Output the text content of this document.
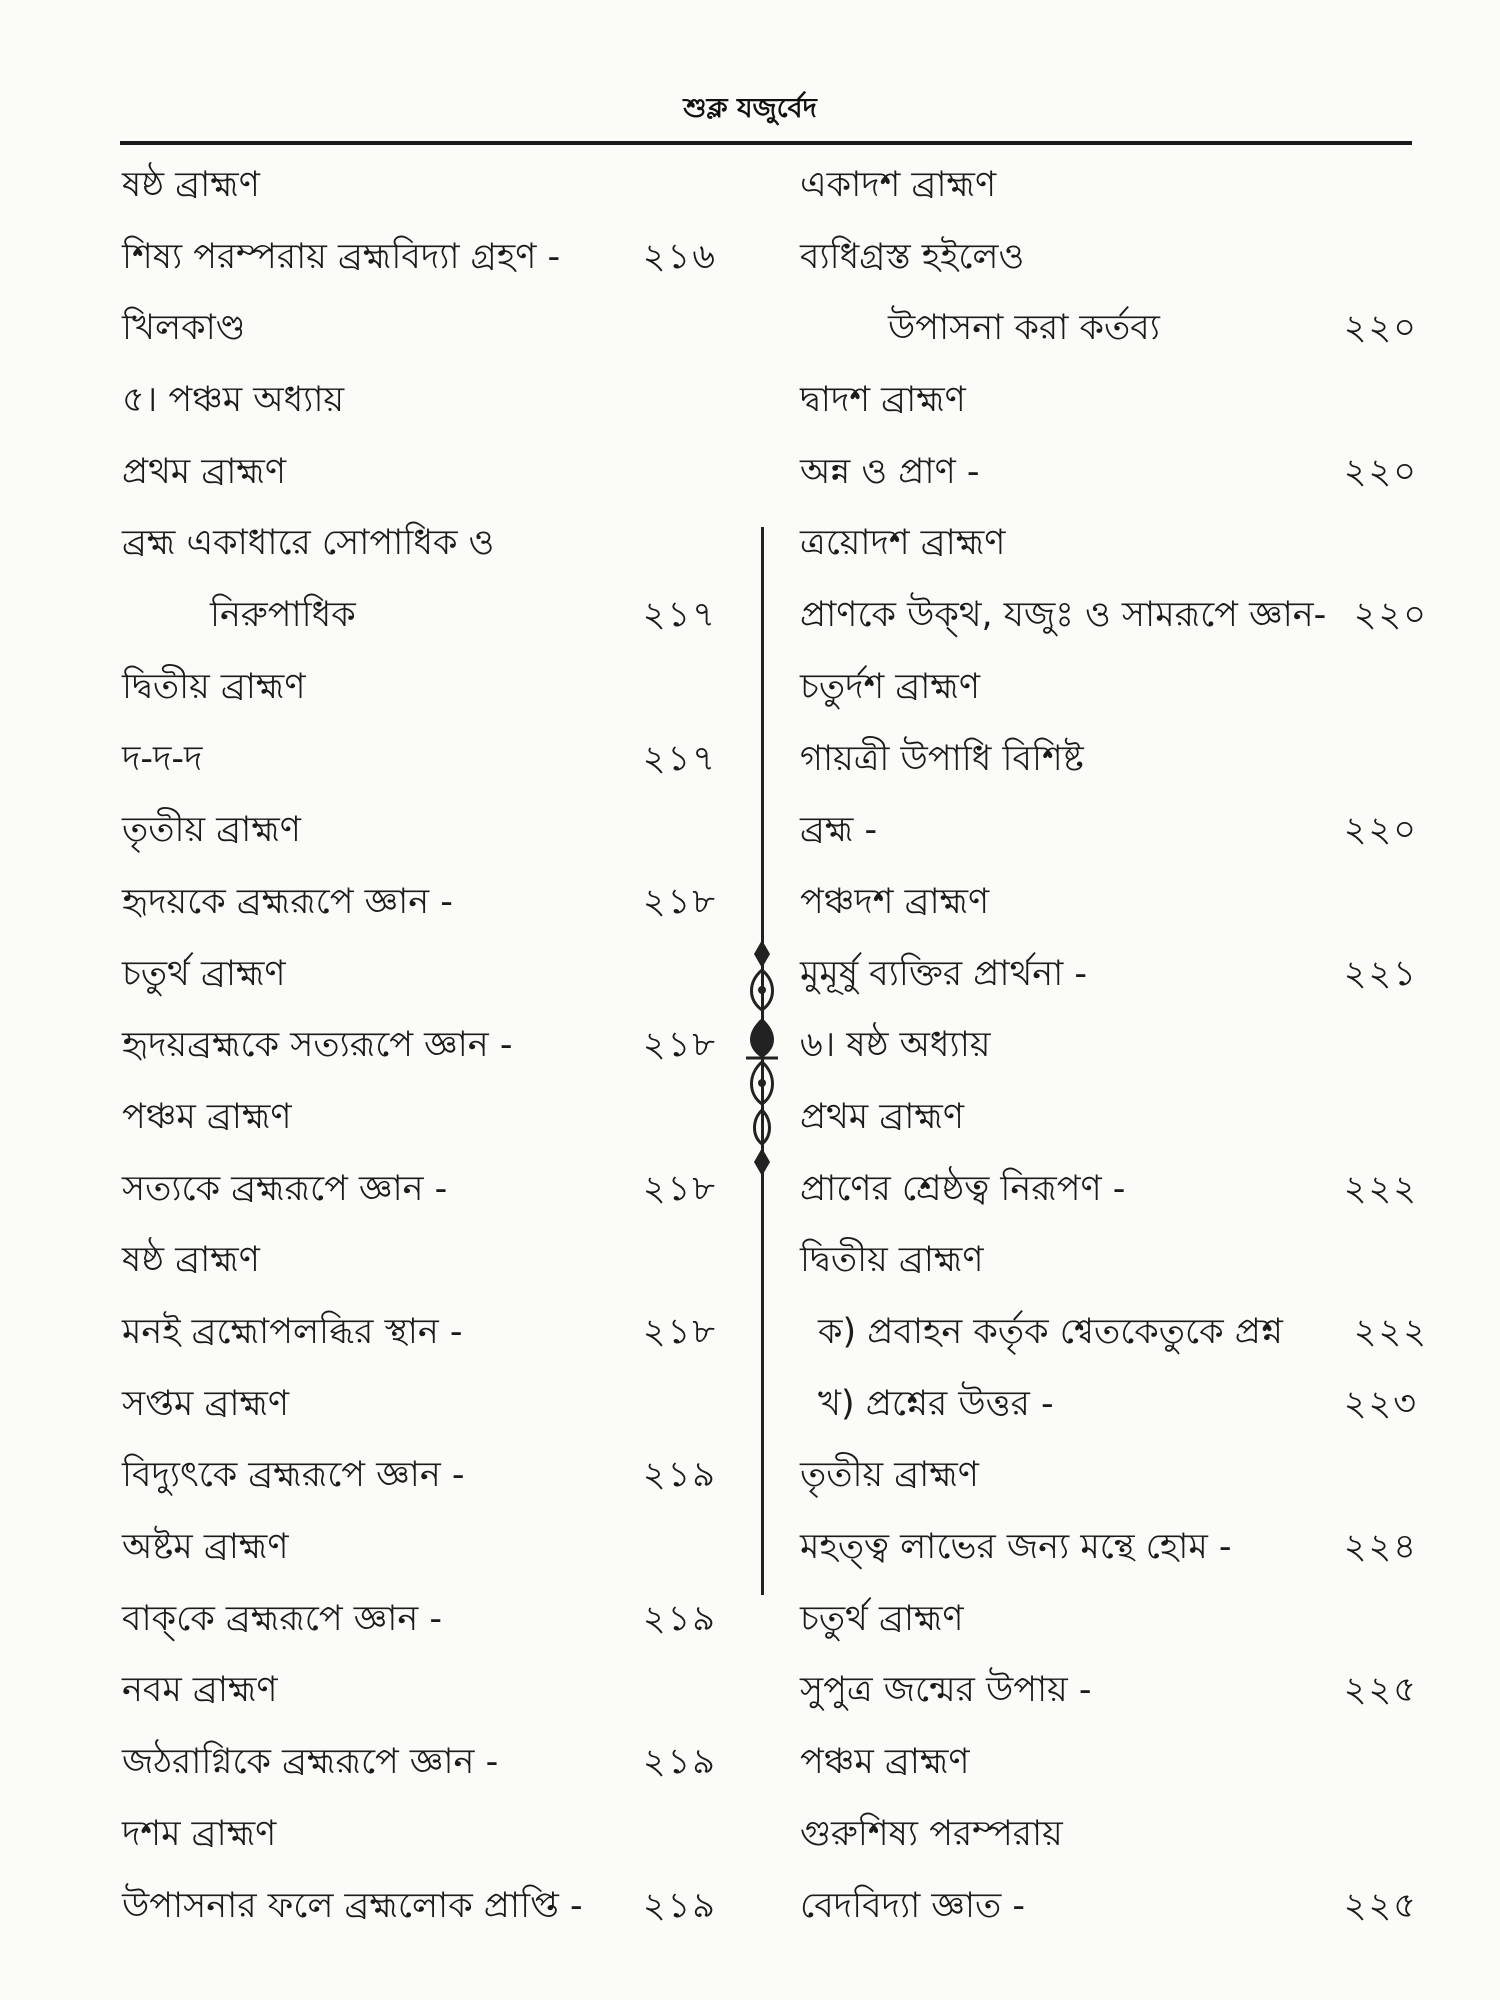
শুক্ল যজুর্বেদ
ষষ্ঠ ব্রাহ্মণ
শিষ্য পরম্পরায় ব্রহ্মবিদ্যা গ্রহণ - ২১৬
খিলকাণ্ড
৫। পঞ্চম অধ্যায়
প্রথম ব্রাহ্মণ
ব্রহ্ম একাধারে সোপাধিক ও
নিরুপাধিক	২১৭
দ্বিতীয় ব্রাহ্মণ
দ-দ-দ	২১৭
তৃতীয় ব্রাহ্মণ
হৃদয়কে ব্রহ্মরূপে জ্ঞান -	২১৮
চতুর্থ ব্রাহ্মণ
হৃদয়ব্রহ্মকে সত্যরূপে জ্ঞান -	২১৮
পঞ্চম ব্রাহ্মণ
সত্যকে ব্রহ্মরূপে জ্ঞান -	২১৮
ষষ্ঠ ব্রাহ্মণ
মনই ব্রহ্মোপলব্ধির স্থান -	২১৮
সপ্তম ব্রাহ্মণ
বিদ্যুৎকে ব্রহ্মরূপে জ্ঞান -	২১৯
অষ্টম ব্রাহ্মণ
বাক্‌কে ব্রহ্মরূপে জ্ঞান -	২১৯
নবম ব্রাহ্মণ
জঠরাগ্নিকে ব্রহ্মরূপে জ্ঞান -	২১৯
দশম ব্রাহ্মণ
উপাসনার ফলে ব্রহ্মলোক প্রাপ্তি - ২১৯
একাদশ ব্রাহ্মণ
ব্যধিগ্রস্ত হইলেও
উপাসনা করা কর্তব্য	২২০
দ্বাদশ ব্রাহ্মণ
অন্ন ও প্রাণ -	২২০
ত্রয়োদশ ব্রাহ্মণ
প্রাণকে উক্‌থ, যজুঃ ও সামরূপে জ্ঞান- ২২০
চতুর্দশ ব্রাহ্মণ
গায়ত্রী উপাধি বিশিষ্ট
ব্রহ্ম -	২২০
পঞ্চদশ ব্রাহ্মণ
মুমূর্ষু ব্যক্তির প্রার্থনা -	২২১
৬। ষষ্ঠ অধ্যায়
প্রথম ব্রাহ্মণ
প্রাণের শ্রেষ্ঠত্ব নিরূপণ -	২২২
দ্বিতীয় ব্রাহ্মণ
ক) প্রবাহন কর্তৃক শ্বেতকেতুকে প্রশ্ন ২২২
খ) প্রশ্নের উত্তর -	২২৩
তৃতীয় ব্রাহ্মণ
মহত্ত্ব লাভের জন্য মন্থে হোম -	২২৪
চতুর্থ ব্রাহ্মণ
সুপুত্র জন্মের উপায় -	২২৫
পঞ্চম ব্রাহ্মণ
গুরুশিষ্য পরম্পরায়
বেদবিদ্যা জ্ঞাত -	২২৫
